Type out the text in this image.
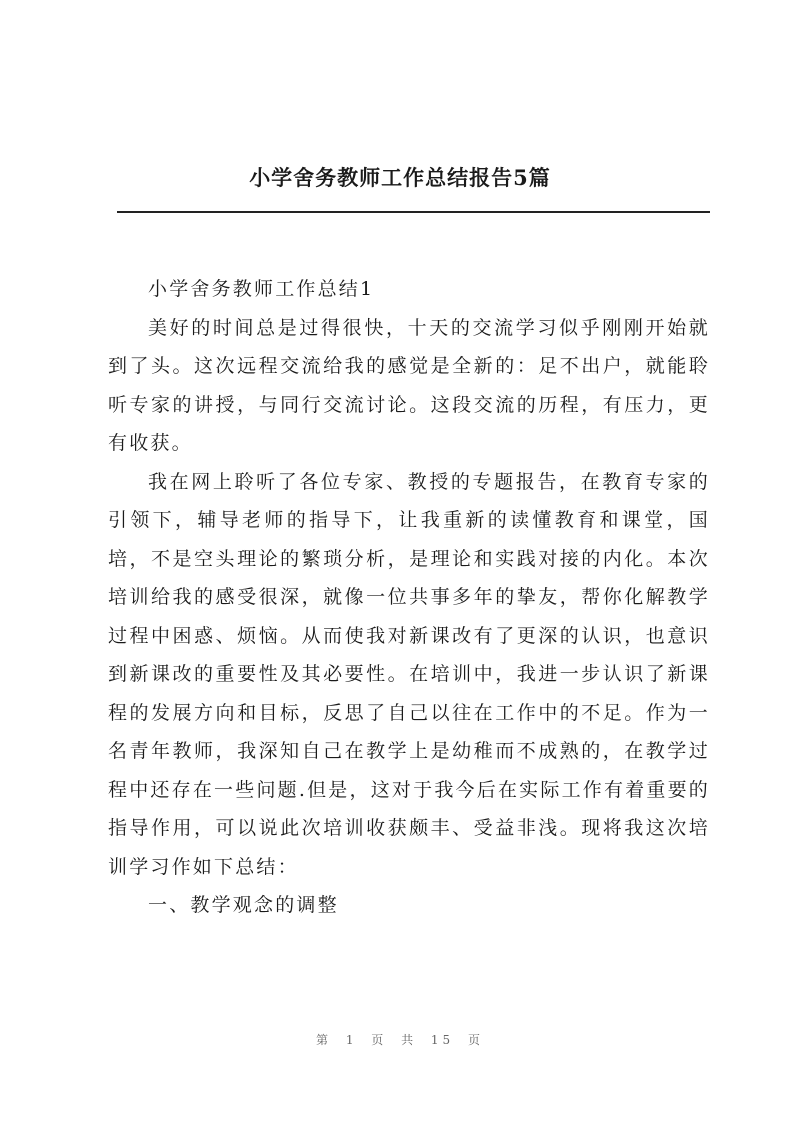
小学舍务教师工作总结报告5篇

小学舍务教师工作总结1

美好的时间总是过得很快，十天的交流学习似乎刚刚开始就到了头。这次远程交流给我的感觉是全新的：足不出户，就能聆听专家的讲授，与同行交流讨论。这段交流的历程，有压力，更有收获。

我在网上聆听了各位专家、教授的专题报告，在教育专家的引领下，辅导老师的指导下，让我重新的读懂教育和课堂，国培，不是空头理论的繁琐分析，是理论和实践对接的内化。本次培训给我的感受很深，就像一位共事多年的挚友，帮你化解教学过程中困惑、烦恼。从而使我对新课改有了更深的认识，也意识到新课改的重要性及其必要性。在培训中，我进一步认识了新课程的发展方向和目标，反思了自己以往在工作中的不足。作为一名青年教师，我深知自己在教学上是幼稚而不成熟的，在教学过程中还存在一些问题.但是，这对于我今后在实际工作有着重要的指导作用，可以说此次培训收获颇丰、受益非浅。现将我这次培训学习作如下总结：

一、教学观念的调整

第 1 页 共 15 页
